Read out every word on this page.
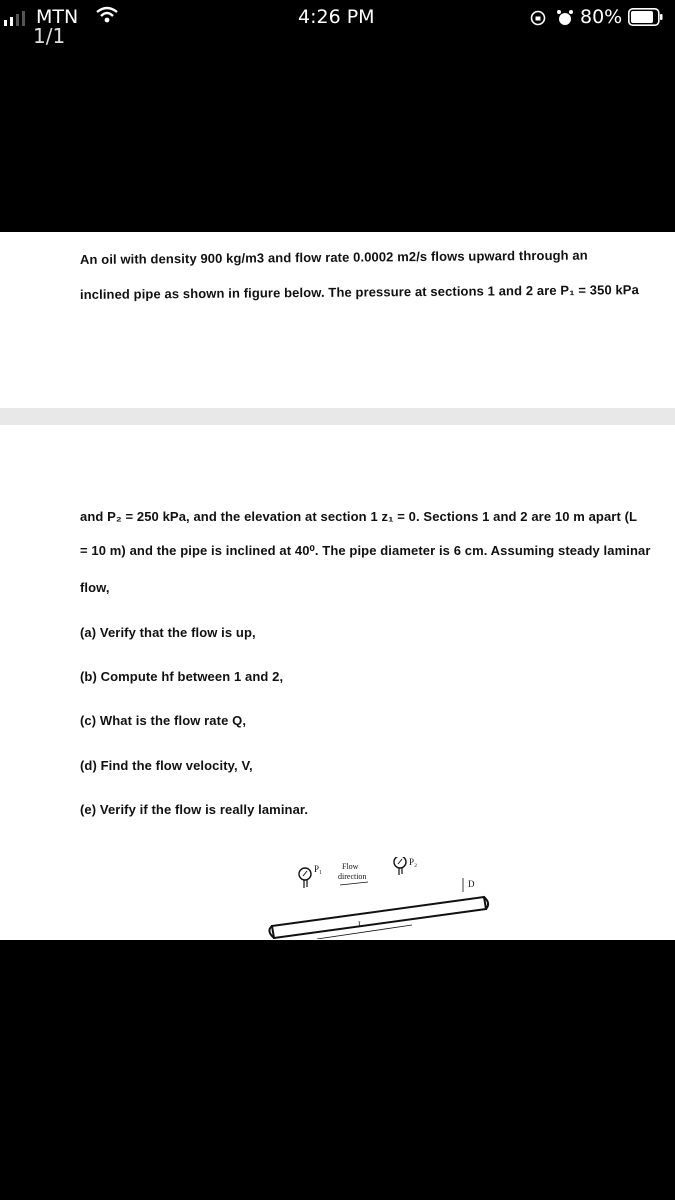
MTN
1/1
4:26 PM	80%
An oil with density 900 kg/m3 and flow rate 0.0002 m2/s flows upward through an
inclined pipe as shown in figure below. The pressure at sections 1 and 2 are P₁ = 350 kPa
and P₂ = 250 kPa, and the elevation at section 1 z₁ = 0. Sections 1 and 2 are 10 m apart (L
= 10 m) and the pipe is inclined at 40⁰. The pipe diameter is 6 cm. Assuming steady laminar
flow,
(a) Verify that the flow is up,
(b) Compute hf between 1 and 2,
(c) What is the flow rate Q,
(d) Find the flow velocity, V,
(e) Verify if the flow is really laminar.
P₁
P₂
Flow
direction
L
D
